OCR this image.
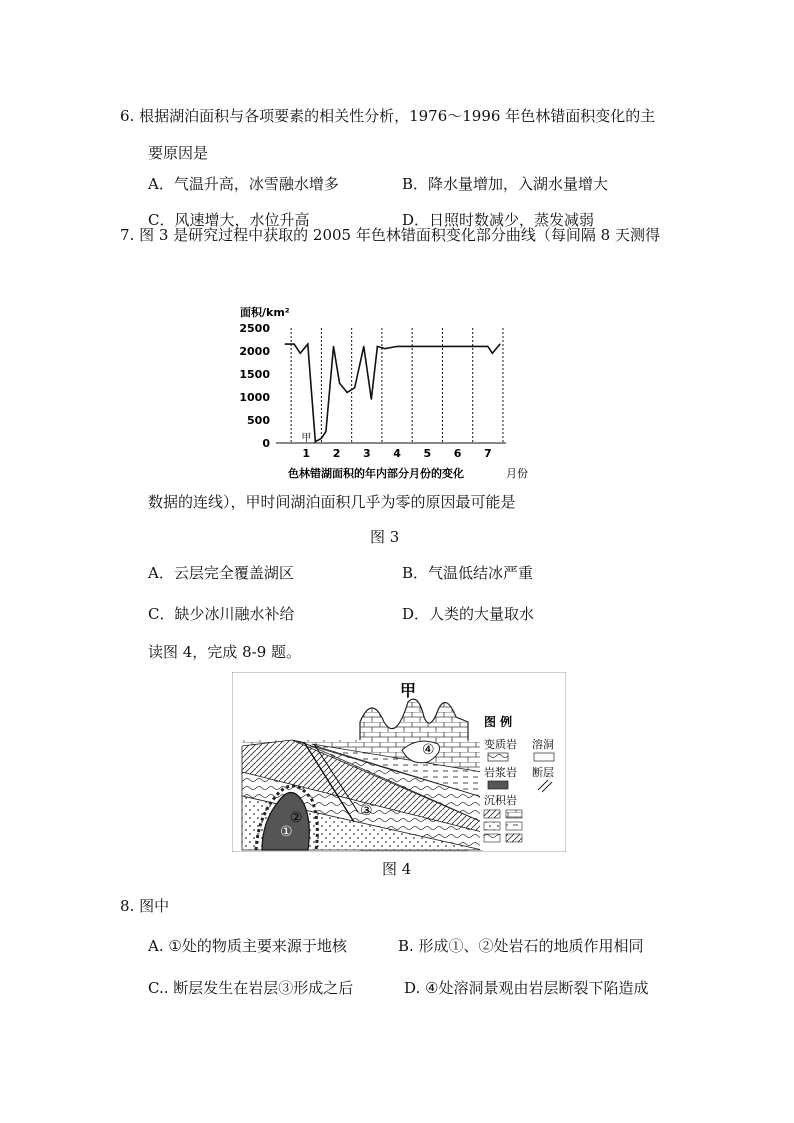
6. 根据湖泊面积与各项要素的相关性分析，1976～1996 年色林错面积变化的主
要原因是
A．气温升高，冰雪融水增多	B．降水量增加，入湖水量增大
C．风速增大，水位升高	D．日照时数减少，蒸发减弱
7. 图 3 是研究过程中获取的 2005 年色林错面积变化部分曲线（每间隔 8 天测得
面积/km²
2500
2000
1500
1000
500
0
1 2 3 4 5 6 7
甲
色林错湖面积的年内部分月份的变化	月份
数据的连线），甲时间湖泊面积几乎为零的原因最可能是
图 3
A．云层完全覆盖湖区	B．气温低结冰严重
C．缺少冰川融水补给	D．人类的大量取水
读图 4，完成 8-9 题。
甲
①
②	③
④
图 例
变质岩 溶洞
岩浆岩 断层
沉积岩
图 4
8. 图中
A. ①处的物质主要来源于地核	B. 形成①、②处岩石的地质作用相同
C.. 断层发生在岩层③形成之后	D. ④处溶洞景观由岩层断裂下陷造成
